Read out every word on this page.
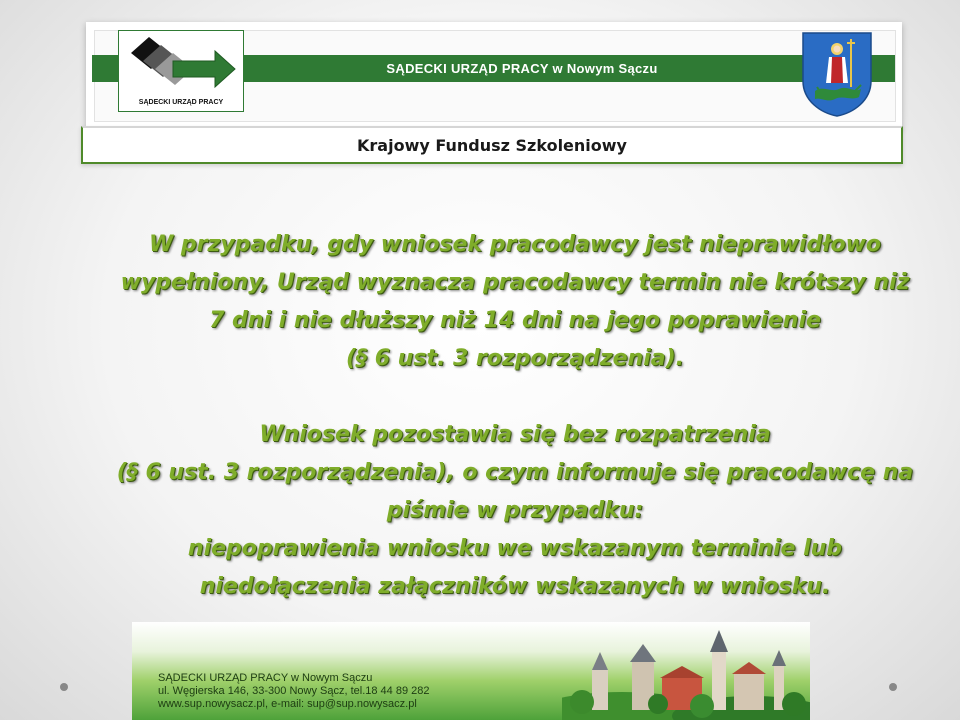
SĄDECKI URZĄD PRACY w Nowym Sączu
SĄDECKI URZĄD PRACY
Krajowy Fundusz Szkoleniowy

W przypadku, gdy wniosek pracodawcy jest nieprawidłowo

wypełniony, Urząd wyznacza pracodawcy termin nie krótszy niż

7 dni i nie dłuższy niż 14 dni na jego poprawienie

(§ 6 ust. 3 rozporządzenia).

Wniosek pozostawia się bez rozpatrzenia

(§ 6 ust. 3 rozporządzenia), o czym informuje się pracodawcę na

piśmie w przypadku:

niepoprawienia wniosku we wskazanym terminie lub

niedołączenia załączników wskazanych w wniosku.

SĄDECKI URZĄD PRACY w Nowym Sączu
ul. Węgierska 146, 33-300 Nowy Sącz, tel.18 44 89 282
www.sup.nowysacz.pl, e-mail: sup@sup.nowysacz.pl
